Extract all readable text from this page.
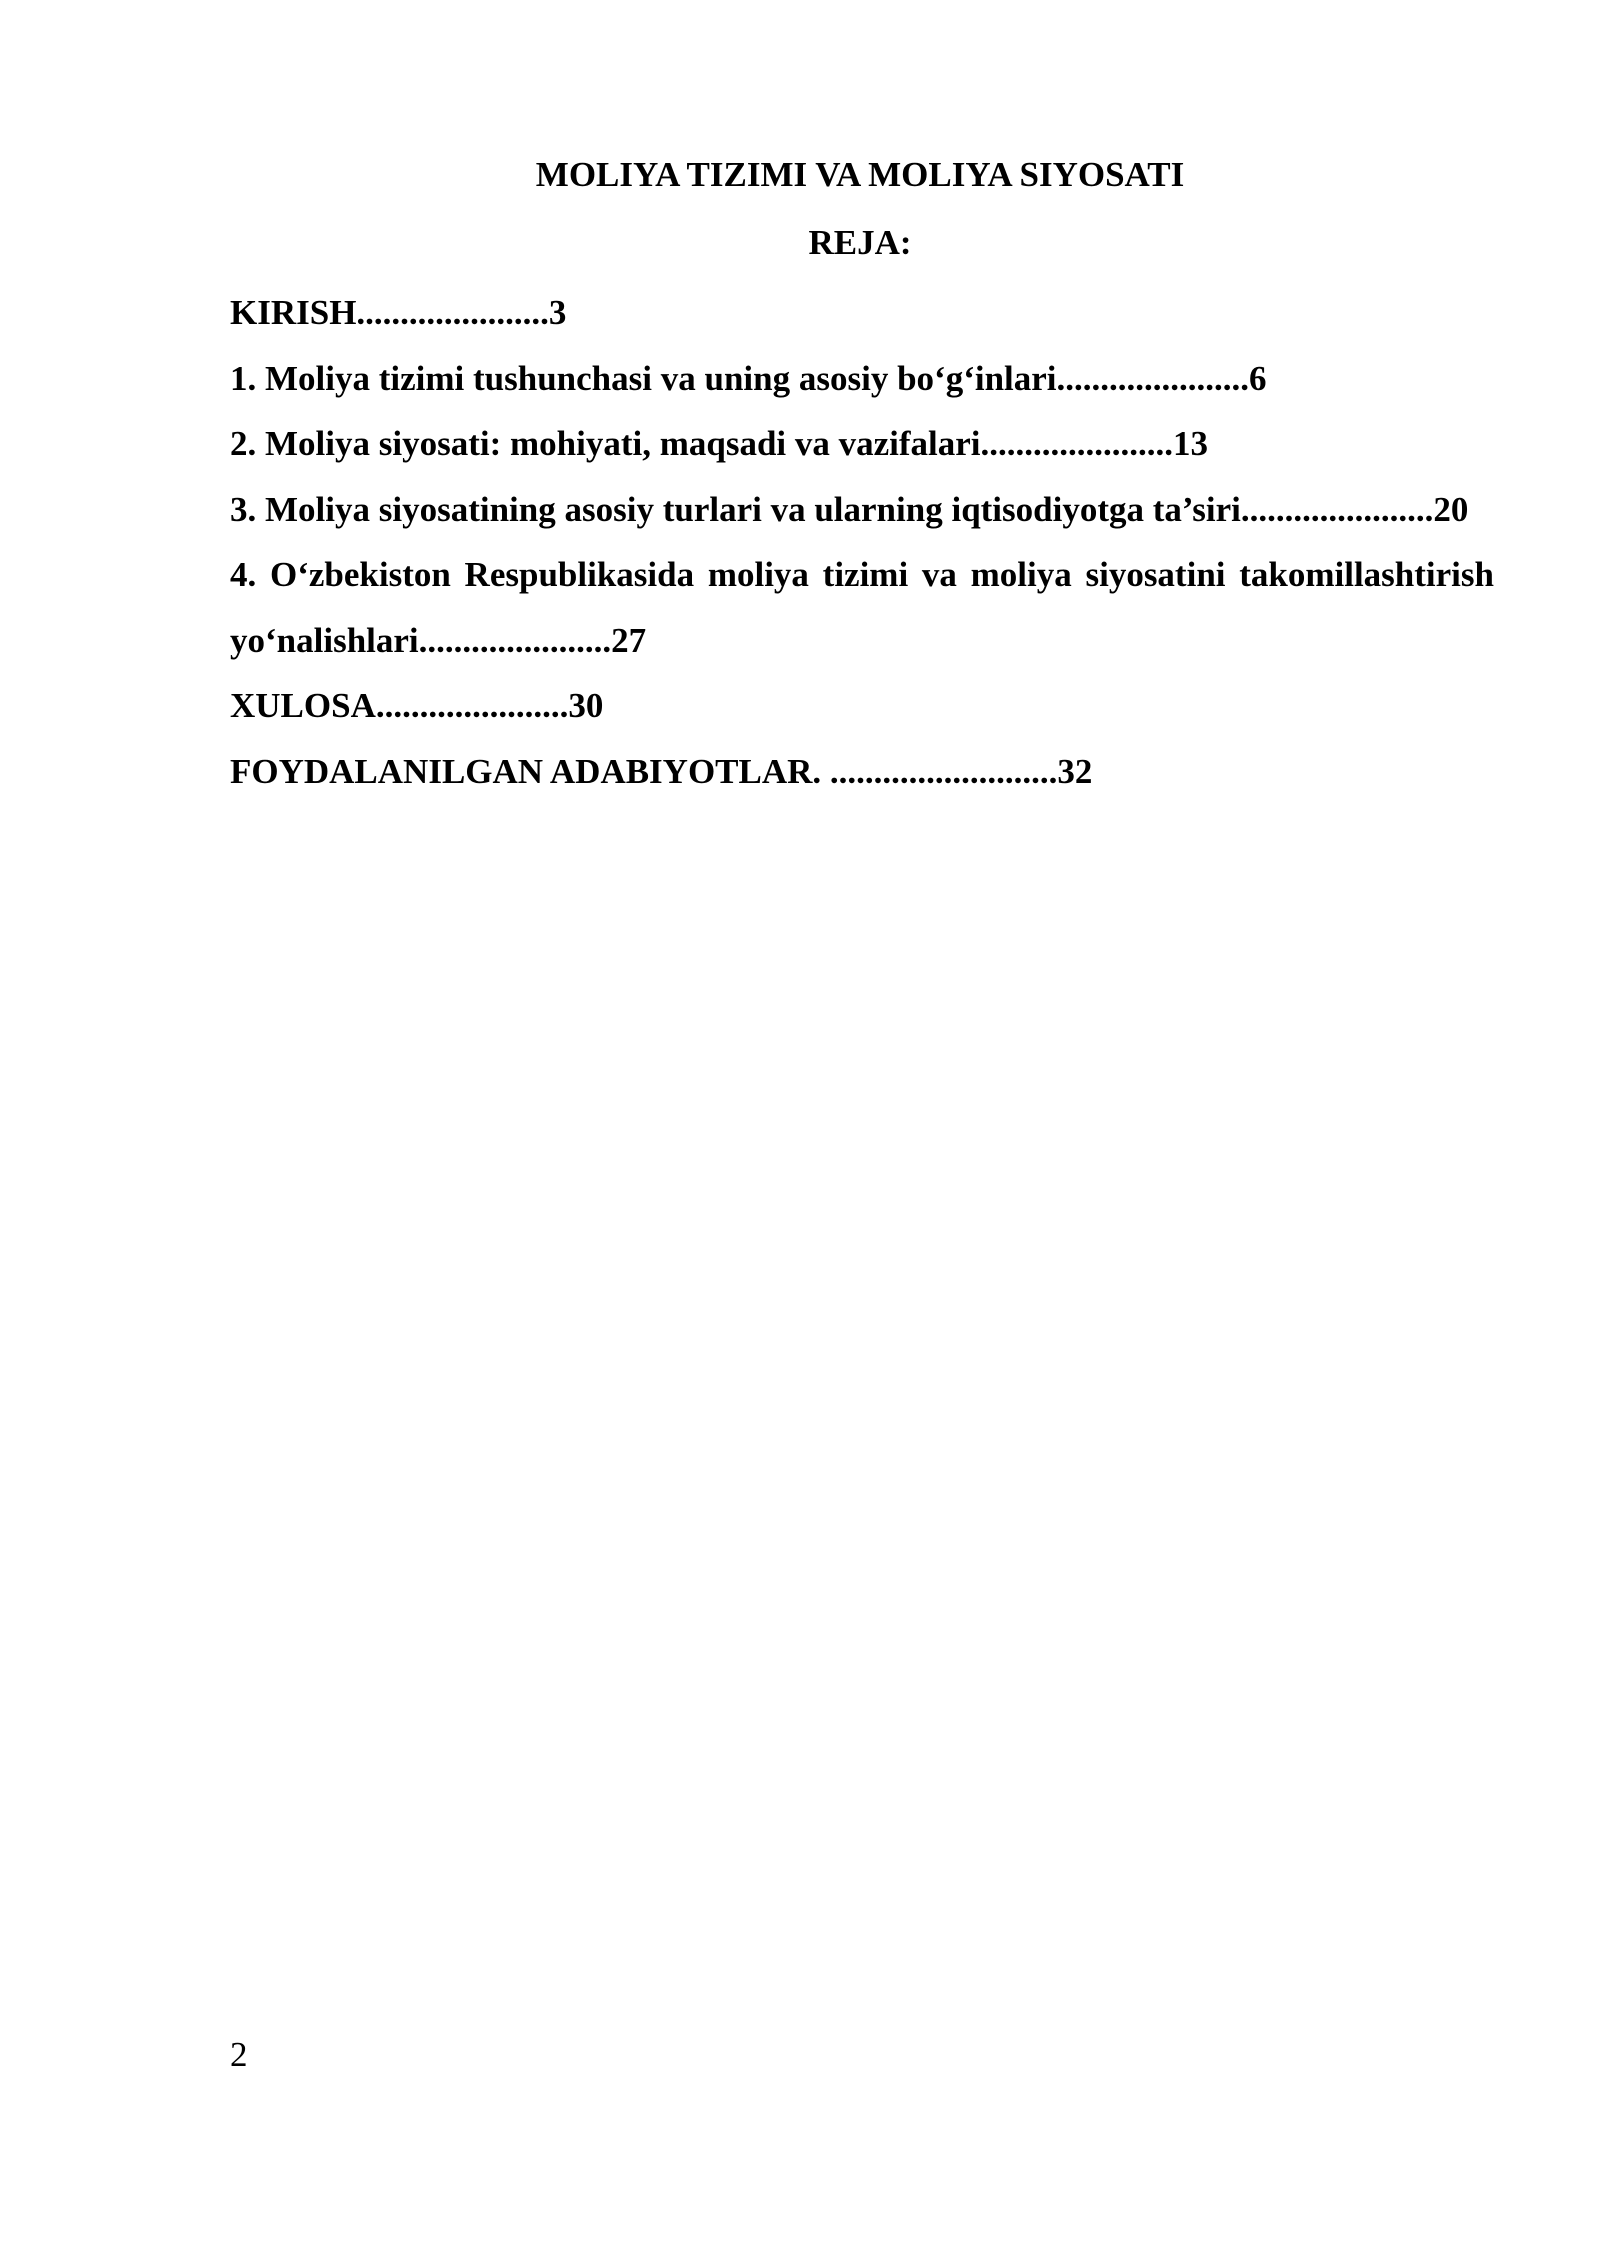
MOLIYA TIZIMI VA MOLIYA SIYOSATI
REJA:
KIRISH......................3
1. Moliya tizimi tushunchasi va uning asosiy bo‘g‘inlari......................6
2. Moliya siyosati: mohiyati, maqsadi va vazifalari......................13
3. Moliya siyosatining asosiy turlari va ularning iqtisodiyotga ta’siri......................20
4. O‘zbekiston Respublikasida moliya tizimi va moliya siyosatini takomillashtirish yo‘nalishlari......................27
XULOSA......................30
FOYDALANILGAN ADABIYOTLAR. ..........................32

2
